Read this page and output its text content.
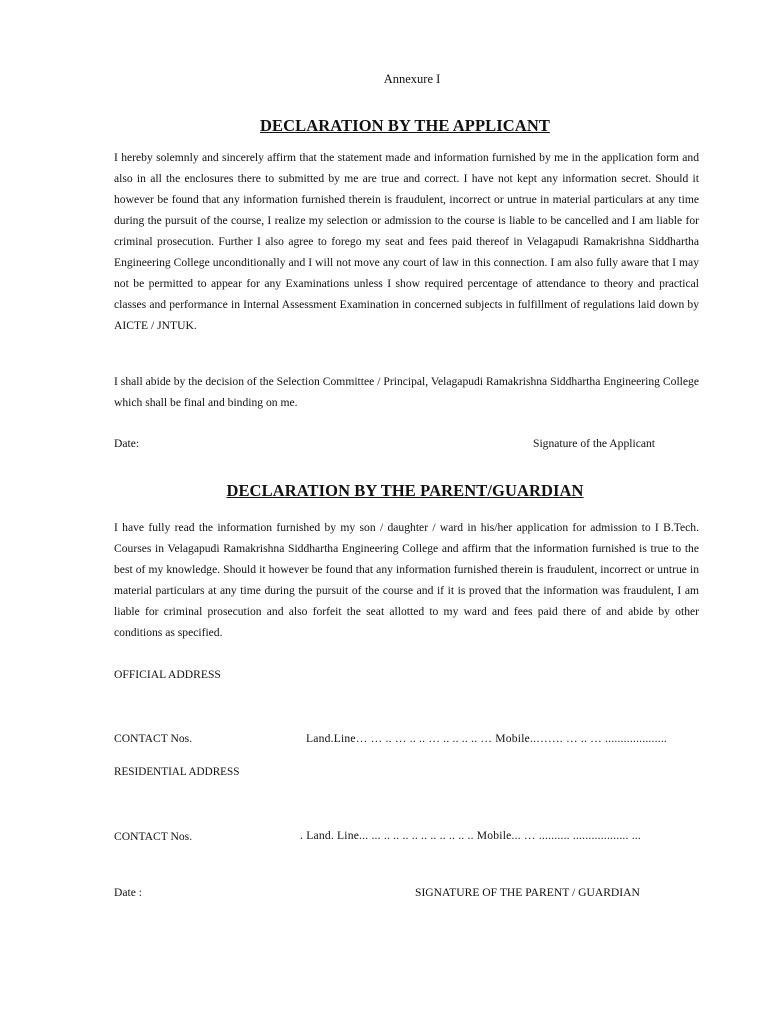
Annexure I
DECLARATION BY THE APPLICANT

I hereby solemnly and sincerely affirm that the statement made and information furnished by me in the application form and also in all the enclosures there to submitted by me are true and correct. I have not kept any information secret. Should it however be found that any information furnished therein is fraudulent, incorrect or untrue in material particulars at any time during the pursuit of the course, I realize my selection or admission to the course is liable to be cancelled and I am liable for criminal prosecution. Further I also agree to forego my seat and fees paid thereof in Velagapudi Ramakrishna Siddhartha Engineering College unconditionally and I will not move any court of law in this connection. I am also fully aware that I may not be permitted to appear for any Examinations unless I show required percentage of attendance to theory and practical classes and performance in Internal Assessment Examination in concerned subjects in fulfillment of regulations laid down by AICTE / JNTUK.

I shall abide by the decision of the Selection Committee / Principal, Velagapudi Ramakrishna Siddhartha Engineering College which shall be final and binding on me.

Date:	Signature of the Applicant
DECLARATION BY THE PARENT/GUARDIAN

I have fully read the information furnished by my son / daughter / ward in his/her application for admission to I B.Tech. Courses in Velagapudi Ramakrishna Siddhartha Engineering College and affirm that the information furnished is true to the best of my knowledge. Should it however be found that any information furnished therein is fraudulent, incorrect or untrue in material particulars at any time during the pursuit of the course and if it is proved that the information was fraudulent, I am liable for criminal prosecution and also forfeit the seat allotted to my ward and fees paid there of and abide by other conditions as specified.

OFFICIAL ADDRESS
CONTACT Nos.	Land.Line… … .. … .. .. … .. .. .. .. … Mobile..……. … .. … ....................
RESIDENTIAL ADDRESS
CONTACT Nos.	. Land. Line... ... .. .. .. .. .. .. .. .. .. .. Mobile... … .......... .................. ...
Date :	SIGNATURE OF THE PARENT / GUARDIAN
